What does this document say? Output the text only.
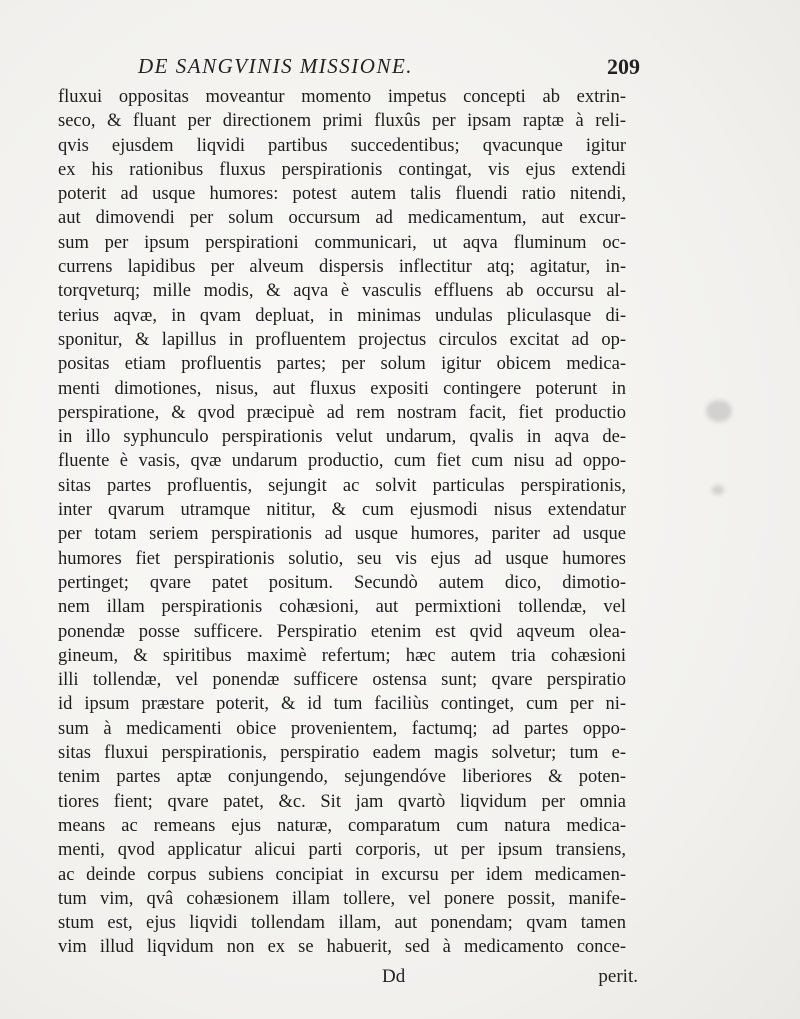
DE SANGVINIS MISSIONE.	209
fluxui oppositas moveantur momento impetus concepti ab extrin-
seco, & fluant per directionem primi fluxûs per ipsam raptæ à reli-
qvis ejusdem liqvidi partibus succedentibus; qvacunque igitur
ex his rationibus fluxus perspirationis contingat, vis ejus extendi
poterit ad usque humores: potest autem talis fluendi ratio nitendi,
aut dimovendi per solum occursum ad medicamentum, aut excur-
sum per ipsum perspirationi communicari, ut aqva fluminum oc-
currens lapidibus per alveum dispersis inflectitur atq; agitatur, in-
torqveturq; mille modis, & aqva è vasculis effluens ab occursu al-
terius aqvæ, in qvam depluat, in minimas undulas pliculasque di-
sponitur, & lapillus in profluentem projectus circulos excitat ad op-
positas etiam profluentis partes; per solum igitur obicem medica-
menti dimotiones, nisus, aut fluxus expositi contingere poterunt in
perspiratione, & qvod præcipuè ad rem nostram facit, fiet productio
in illo syphunculo perspirationis velut undarum, qvalis in aqva de-
fluente è vasis, qvæ undarum productio, cum fiet cum nisu ad oppo-
sitas partes profluentis, sejungit ac solvit particulas perspirationis,
inter qvarum utramque nititur, & cum ejusmodi nisus extendatur
per totam seriem perspirationis ad usque humores, pariter ad usque
humores fiet perspirationis solutio, seu vis ejus ad usque humores
pertinget; qvare patet positum. Secundò autem dico, dimotio-
nem illam perspirationis cohæsioni, aut permixtioni tollendæ, vel
ponendæ posse sufficere. Perspiratio etenim est qvid aqveum olea-
gineum, & spiritibus maximè refertum; hæc autem tria cohæsioni
illi tollendæ, vel ponendæ sufficere ostensa sunt; qvare perspiratio
id ipsum præstare poterit, & id tum faciliùs continget, cum per ni-
sum à medicamenti obice provenientem, factumq; ad partes oppo-
sitas fluxui perspirationis, perspiratio eadem magis solvetur; tum e-
tenim partes aptæ conjungendo, sejungendóve liberiores & poten-
tiores fient; qvare patet, &c. Sit jam qvartò liqvidum per omnia
means ac remeans ejus naturæ, comparatum cum natura medica-
menti, qvod applicatur alicui parti corporis, ut per ipsum transiens,
ac deinde corpus subiens concipiat in excursu per idem medicamen-
tum vim, qvâ cohæsionem illam tollere, vel ponere possit, manife-
stum est, ejus liqvidi tollendam illam, aut ponendam; qvam tamen
vim illud liqvidum non ex se habuerit, sed à medicamento conce-
Dd	perit.
